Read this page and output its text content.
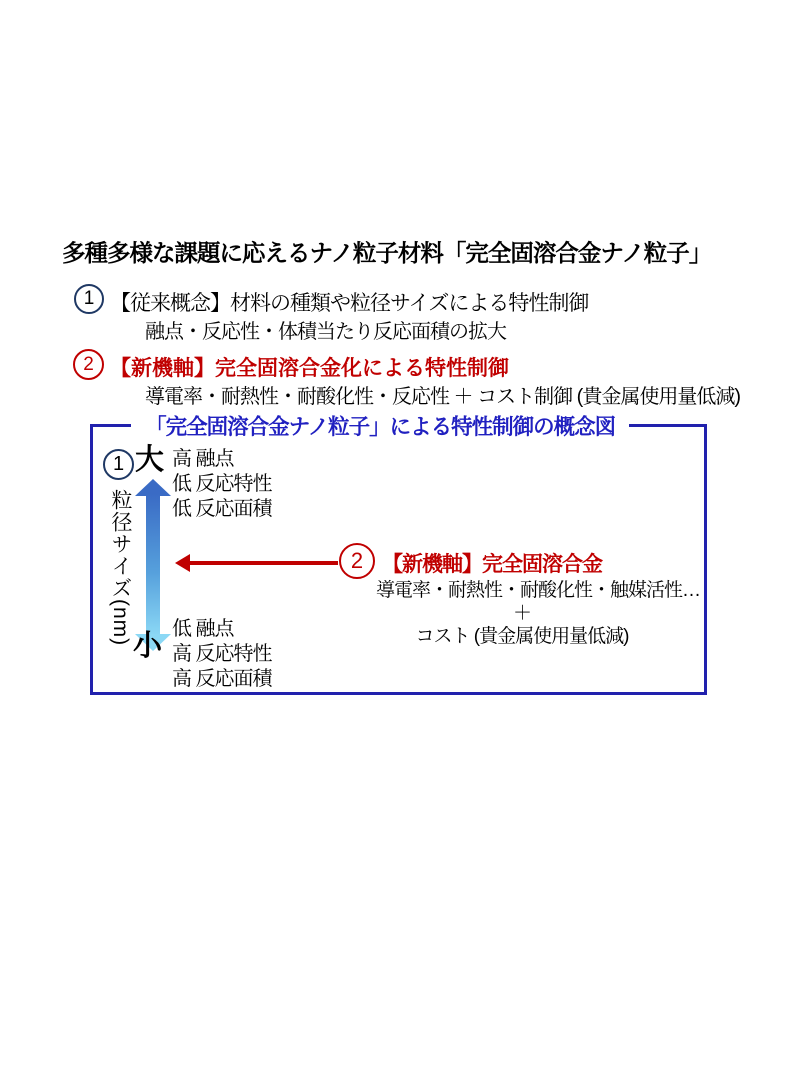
多種多様な課題に応えるナノ粒子材料「完全固溶合金ナノ粒子」
1 【従来概念】材料の種類や粒径サイズによる特性制御
融点・反応性・体積当たり反応面積の拡大
2 【新機軸】完全固溶合金化による特性制御
導電率・耐熱性・耐酸化性・反応性 ＋ コスト制御 (貴金属使用量低減)
「完全固溶合金ナノ粒子」による特性制御の概念図
1 大
粒径サイズ(nm)
高 融点
低 反応特性
低 反応面積
小
低 融点
高 反応特性
高 反応面積
2 【新機軸】完全固溶合金
導電率・耐熱性・耐酸化性・触媒活性…
＋
コスト (貴金属使用量低減)
